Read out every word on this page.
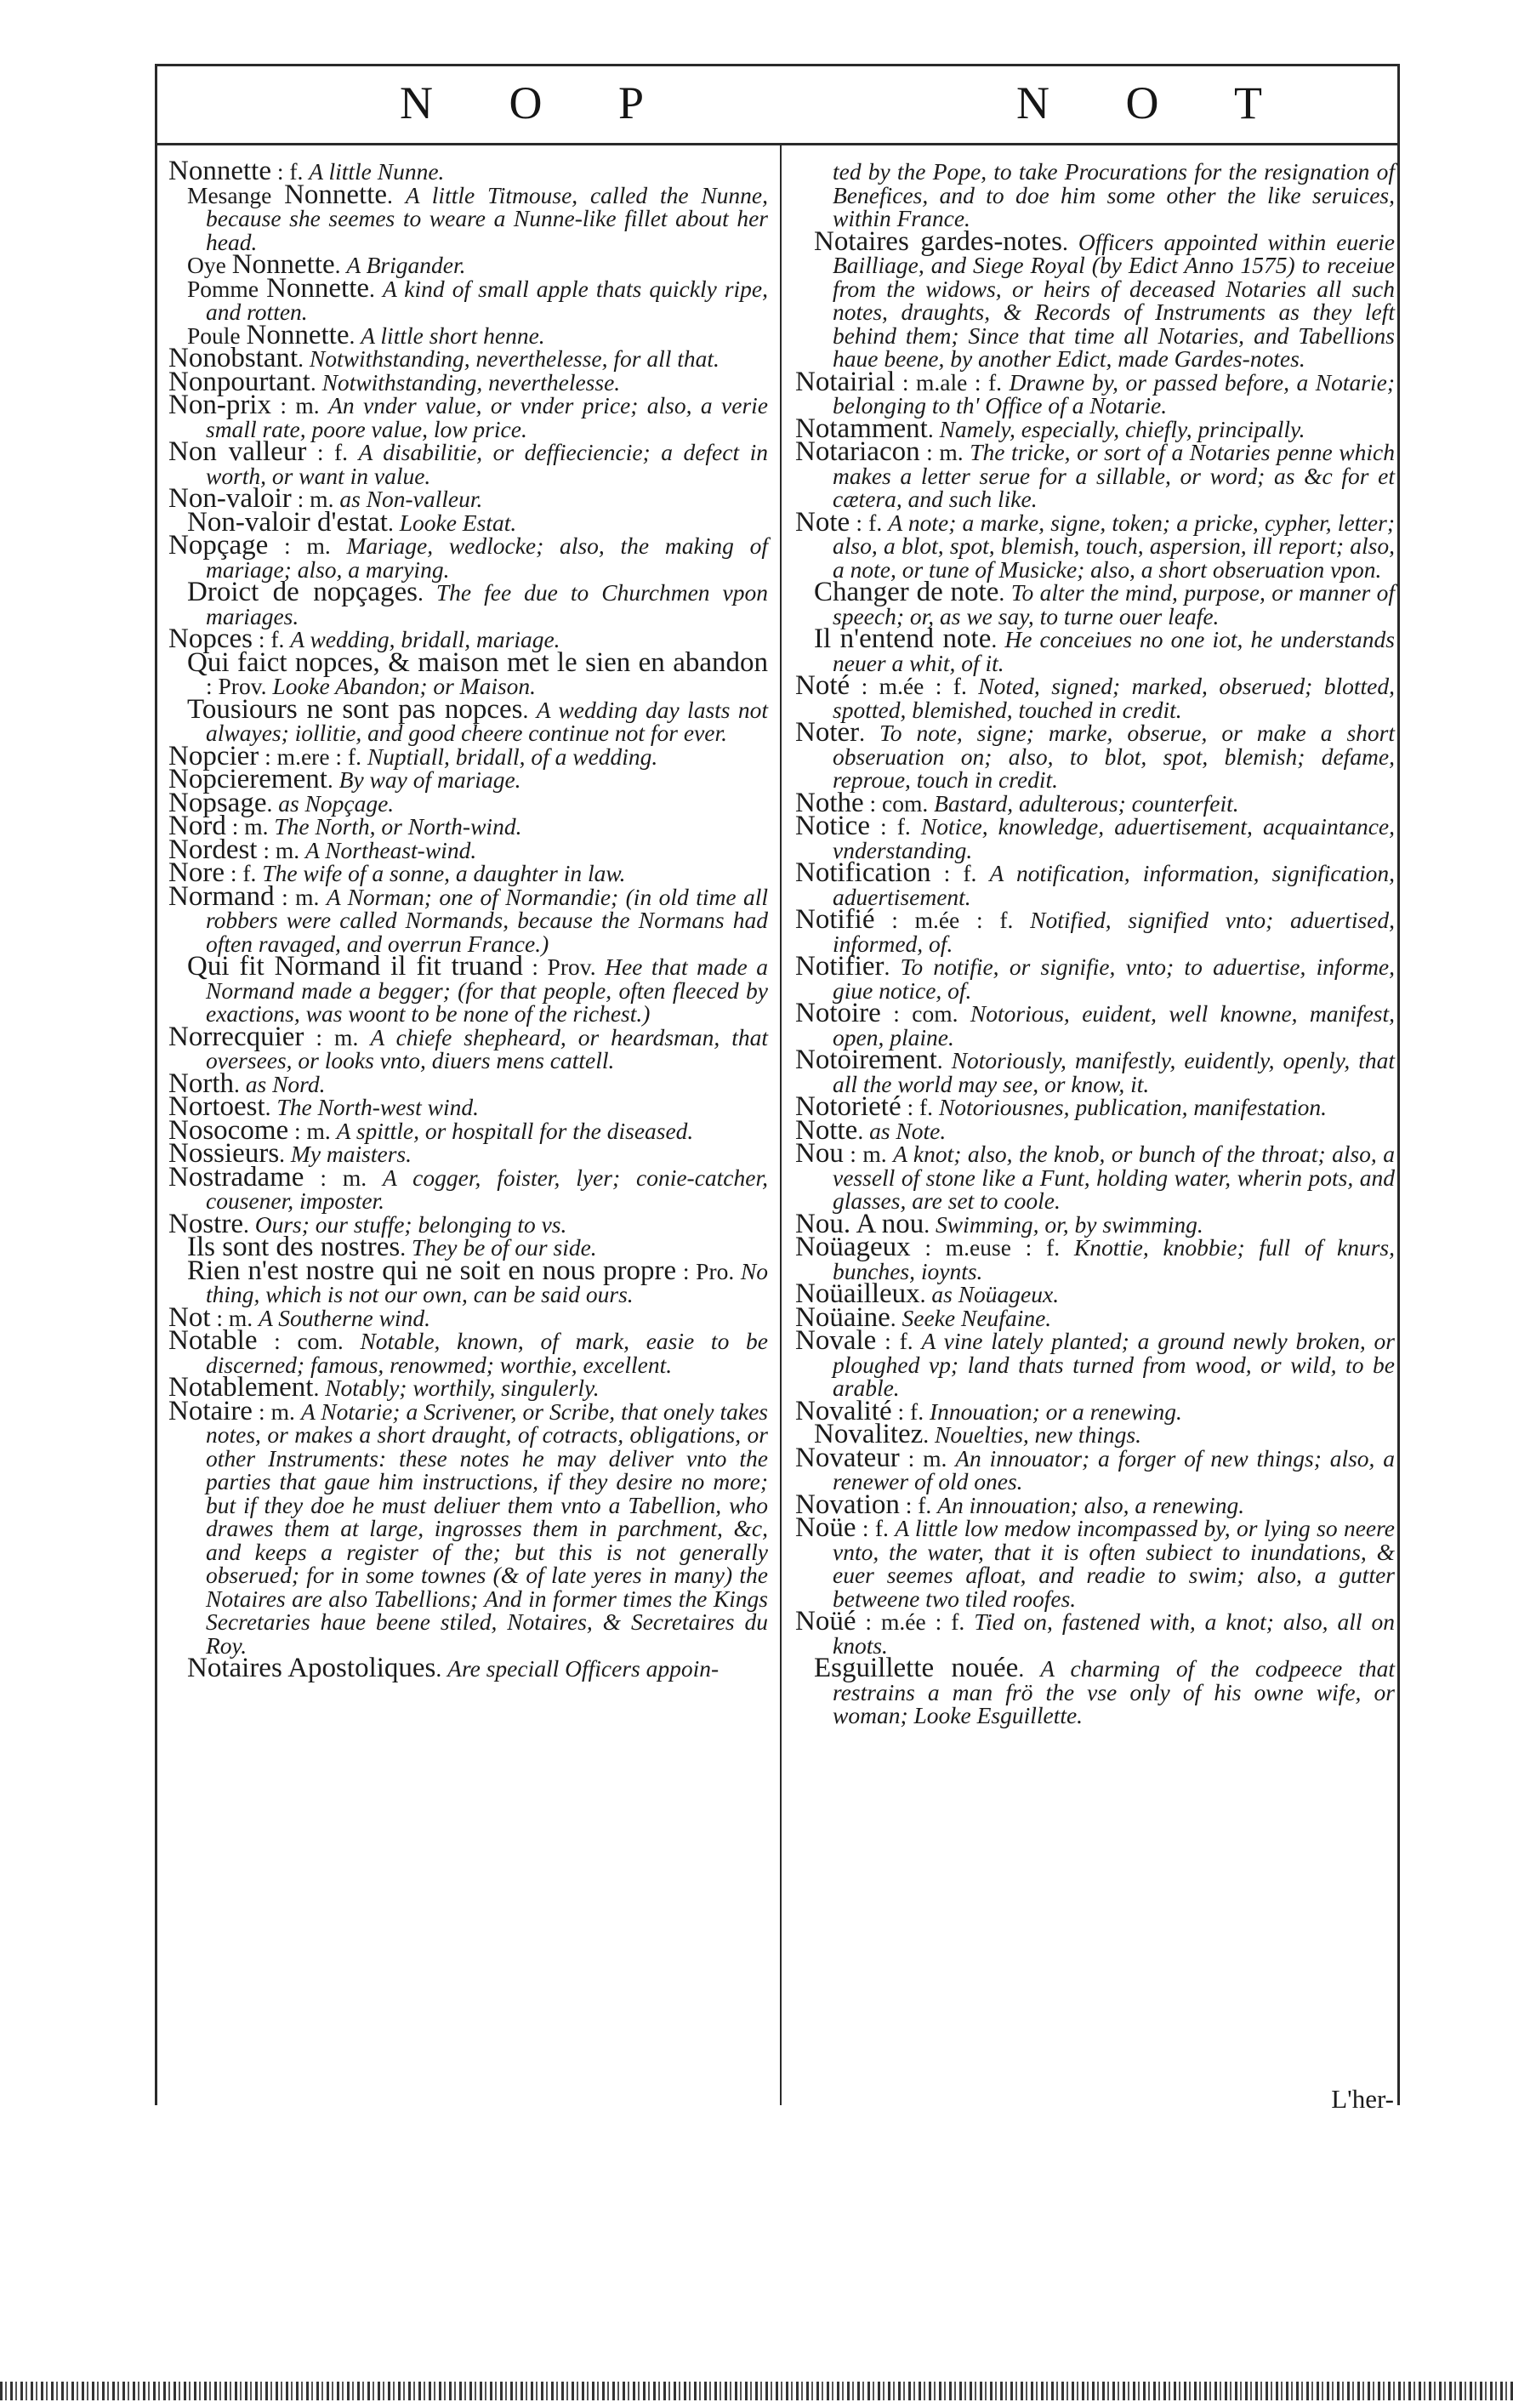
N O P	N O T

Nonnette : f. A little Nunne.

Mesange Nonnette. A little Titmouse, called the Nunne, because she seemes to weare a Nunne-like fillet about her head.

Oye Nonnette. A Brigander.

Pomme Nonnette. A kind of small apple thats quickly ripe, and rotten.

Poule Nonnette. A little short henne.

Nonobstant. Notwithstanding, neverthelesse, for all that.

Nonpourtant. Notwithstanding, neverthelesse.

Non-prix : m. An vnder value, or vnder price; also, a verie small rate, poore value, low price.

Non valleur : f. A disabilitie, or deffieciencie; a defect in worth, or want in value.

Non-valoir : m. as Non-valleur.

Non-valoir d'estat. Looke Estat.

Nopçage : m. Mariage, wedlocke; also, the making of mariage; also, a marying.

Droict de nopçages. The fee due to Churchmen vpon mariages.

Nopces : f. A wedding, bridall, mariage.

Qui faict nopces, & maison met le sien en abandon : Prov. Looke Abandon; or Maison.

Tousiours ne sont pas nopces. A wedding day lasts not alwayes; iollitie, and good cheere continue not for ever.

Nopcier : m.ere : f. Nuptiall, bridall, of a wedding.

Nopcierement. By way of mariage.

Nopsage. as Nopçage.

Nord : m. The North, or North-wind.

Nordest : m. A Northeast-wind.

Nore : f. The wife of a sonne, a daughter in law.

Normand : m. A Norman; one of Normandie; (in old time all robbers were called Normands, because the Normans had often ravaged, and overrun France.)

Qui fit Normand il fit truand : Prov. Hee that made a Normand made a begger; (for that people, often fleeced by exactions, was woont to be none of the richest.)

Norrecquier : m. A chiefe shepheard, or heardsman, that oversees, or looks vnto, diuers mens cattell.

North. as Nord.

Nortoest. The North-west wind.

Nosocome : m. A spittle, or hospitall for the diseased.

Nossieurs. My maisters.

Nostradame : m. A cogger, foister, lyer; conie-catcher, cousener, imposter.

Nostre. Ours; our stuffe; belonging to vs.

Ils sont des nostres. They be of our side.

Rien n'est nostre qui ne soit en nous propre : Pro. No thing, which is not our own, can be said ours.

Not : m. A Southerne wind.

Notable : com. Notable, known, of mark, easie to be discerned; famous, renowmed; worthie, excellent.

Notablement. Notably; worthily, singulerly.

Notaire : m. A Notarie; a Scrivener, or Scribe, that onely takes notes, or makes a short draught, of cotracts, obligations, or other Instruments: these notes he may deliver vnto the parties that gaue him instructions, if they desire no more; but if they doe he must deliuer them vnto a Tabellion, who drawes them at large, ingrosses them in parchment, &c, and keeps a register of the; but this is not generally obserued; for in some townes (& of late yeres in many) the Notaires are also Tabellions; And in former times the Kings Secretaries haue beene stiled, Notaires, & Secretaires du Roy.

Notaires Apostoliques. Are speciall Officers appoin-

ted by the Pope, to take Procurations for the resignation of Benefices, and to doe him some other the like seruices, within France.

Notaires gardes-notes. Officers appointed within euerie Bailliage, and Siege Royal (by Edict Anno 1575) to receiue from the widows, or heirs of deceased Notaries all such notes, draughts, & Records of Instruments as they left behind them; Since that time all Notaries, and Tabellions haue beene, by another Edict, made Gardes-notes.

Notairial : m.ale : f. Drawne by, or passed before, a Notarie; belonging to th' Office of a Notarie.

Notamment. Namely, especially, chiefly, principally.

Notariacon : m. The tricke, or sort of a Notaries penne which makes a letter serue for a sillable, or word; as &c for et cætera, and such like.

Note : f. A note; a marke, signe, token; a pricke, cypher, letter; also, a blot, spot, blemish, touch, aspersion, ill report; also, a note, or tune of Musicke; also, a short obseruation vpon.

Changer de note. To alter the mind, purpose, or manner of speech; or, as we say, to turne ouer leafe.

Il n'entend note. He conceiues no one iot, he understands neuer a whit, of it.

Noté : m.ée : f. Noted, signed; marked, obserued; blotted, spotted, blemished, touched in credit.

Noter. To note, signe; marke, obserue, or make a short obseruation on; also, to blot, spot, blemish; defame, reproue, touch in credit.

Nothe : com. Bastard, adulterous; counterfeit.

Notice : f. Notice, knowledge, aduertisement, acquaintance, vnderstanding.

Notification : f. A notification, information, signification, aduertisement.

Notifié : m.ée : f. Notified, signified vnto; aduertised, informed, of.

Notifier. To notifie, or signifie, vnto; to aduertise, informe, giue notice, of.

Notoire : com. Notorious, euident, well knowne, manifest, open, plaine.

Notoirement. Notoriously, manifestly, euidently, openly, that all the world may see, or know, it.

Notorieté : f. Notoriousnes, publication, manifestation.

Notte. as Note.

Nou : m. A knot; also, the knob, or bunch of the throat; also, a vessell of stone like a Funt, holding water, wherin pots, and glasses, are set to coole.

Nou. A nou. Swimming, or, by swimming.

Noüageux : m.euse : f. Knottie, knobbie; full of knurs, bunches, ioynts.

Noüailleux. as Noüageux.

Noüaine. Seeke Neufaine.

Novale : f. A vine lately planted; a ground newly broken, or ploughed vp; land thats turned from wood, or wild, to be arable.

Novalité : f. Innouation; or a renewing.

Novalitez. Nouelties, new things.

Novateur : m. An innouator; a forger of new things; also, a renewer of old ones.

Novation : f. An innouation; also, a renewing.

Noüe : f. A little low medow incompassed by, or lying so neere vnto, the water, that it is often subiect to inundations, & euer seemes afloat, and readie to swim; also, a gutter betweene two tiled roofes.

Noüé : m.ée : f. Tied on, fastened with, a knot; also, all on knots.

Esguillette nouée. A charming of the codpeece that restrains a man frö the vse only of his owne wife, or woman; Looke Esguillette.

L'her-
